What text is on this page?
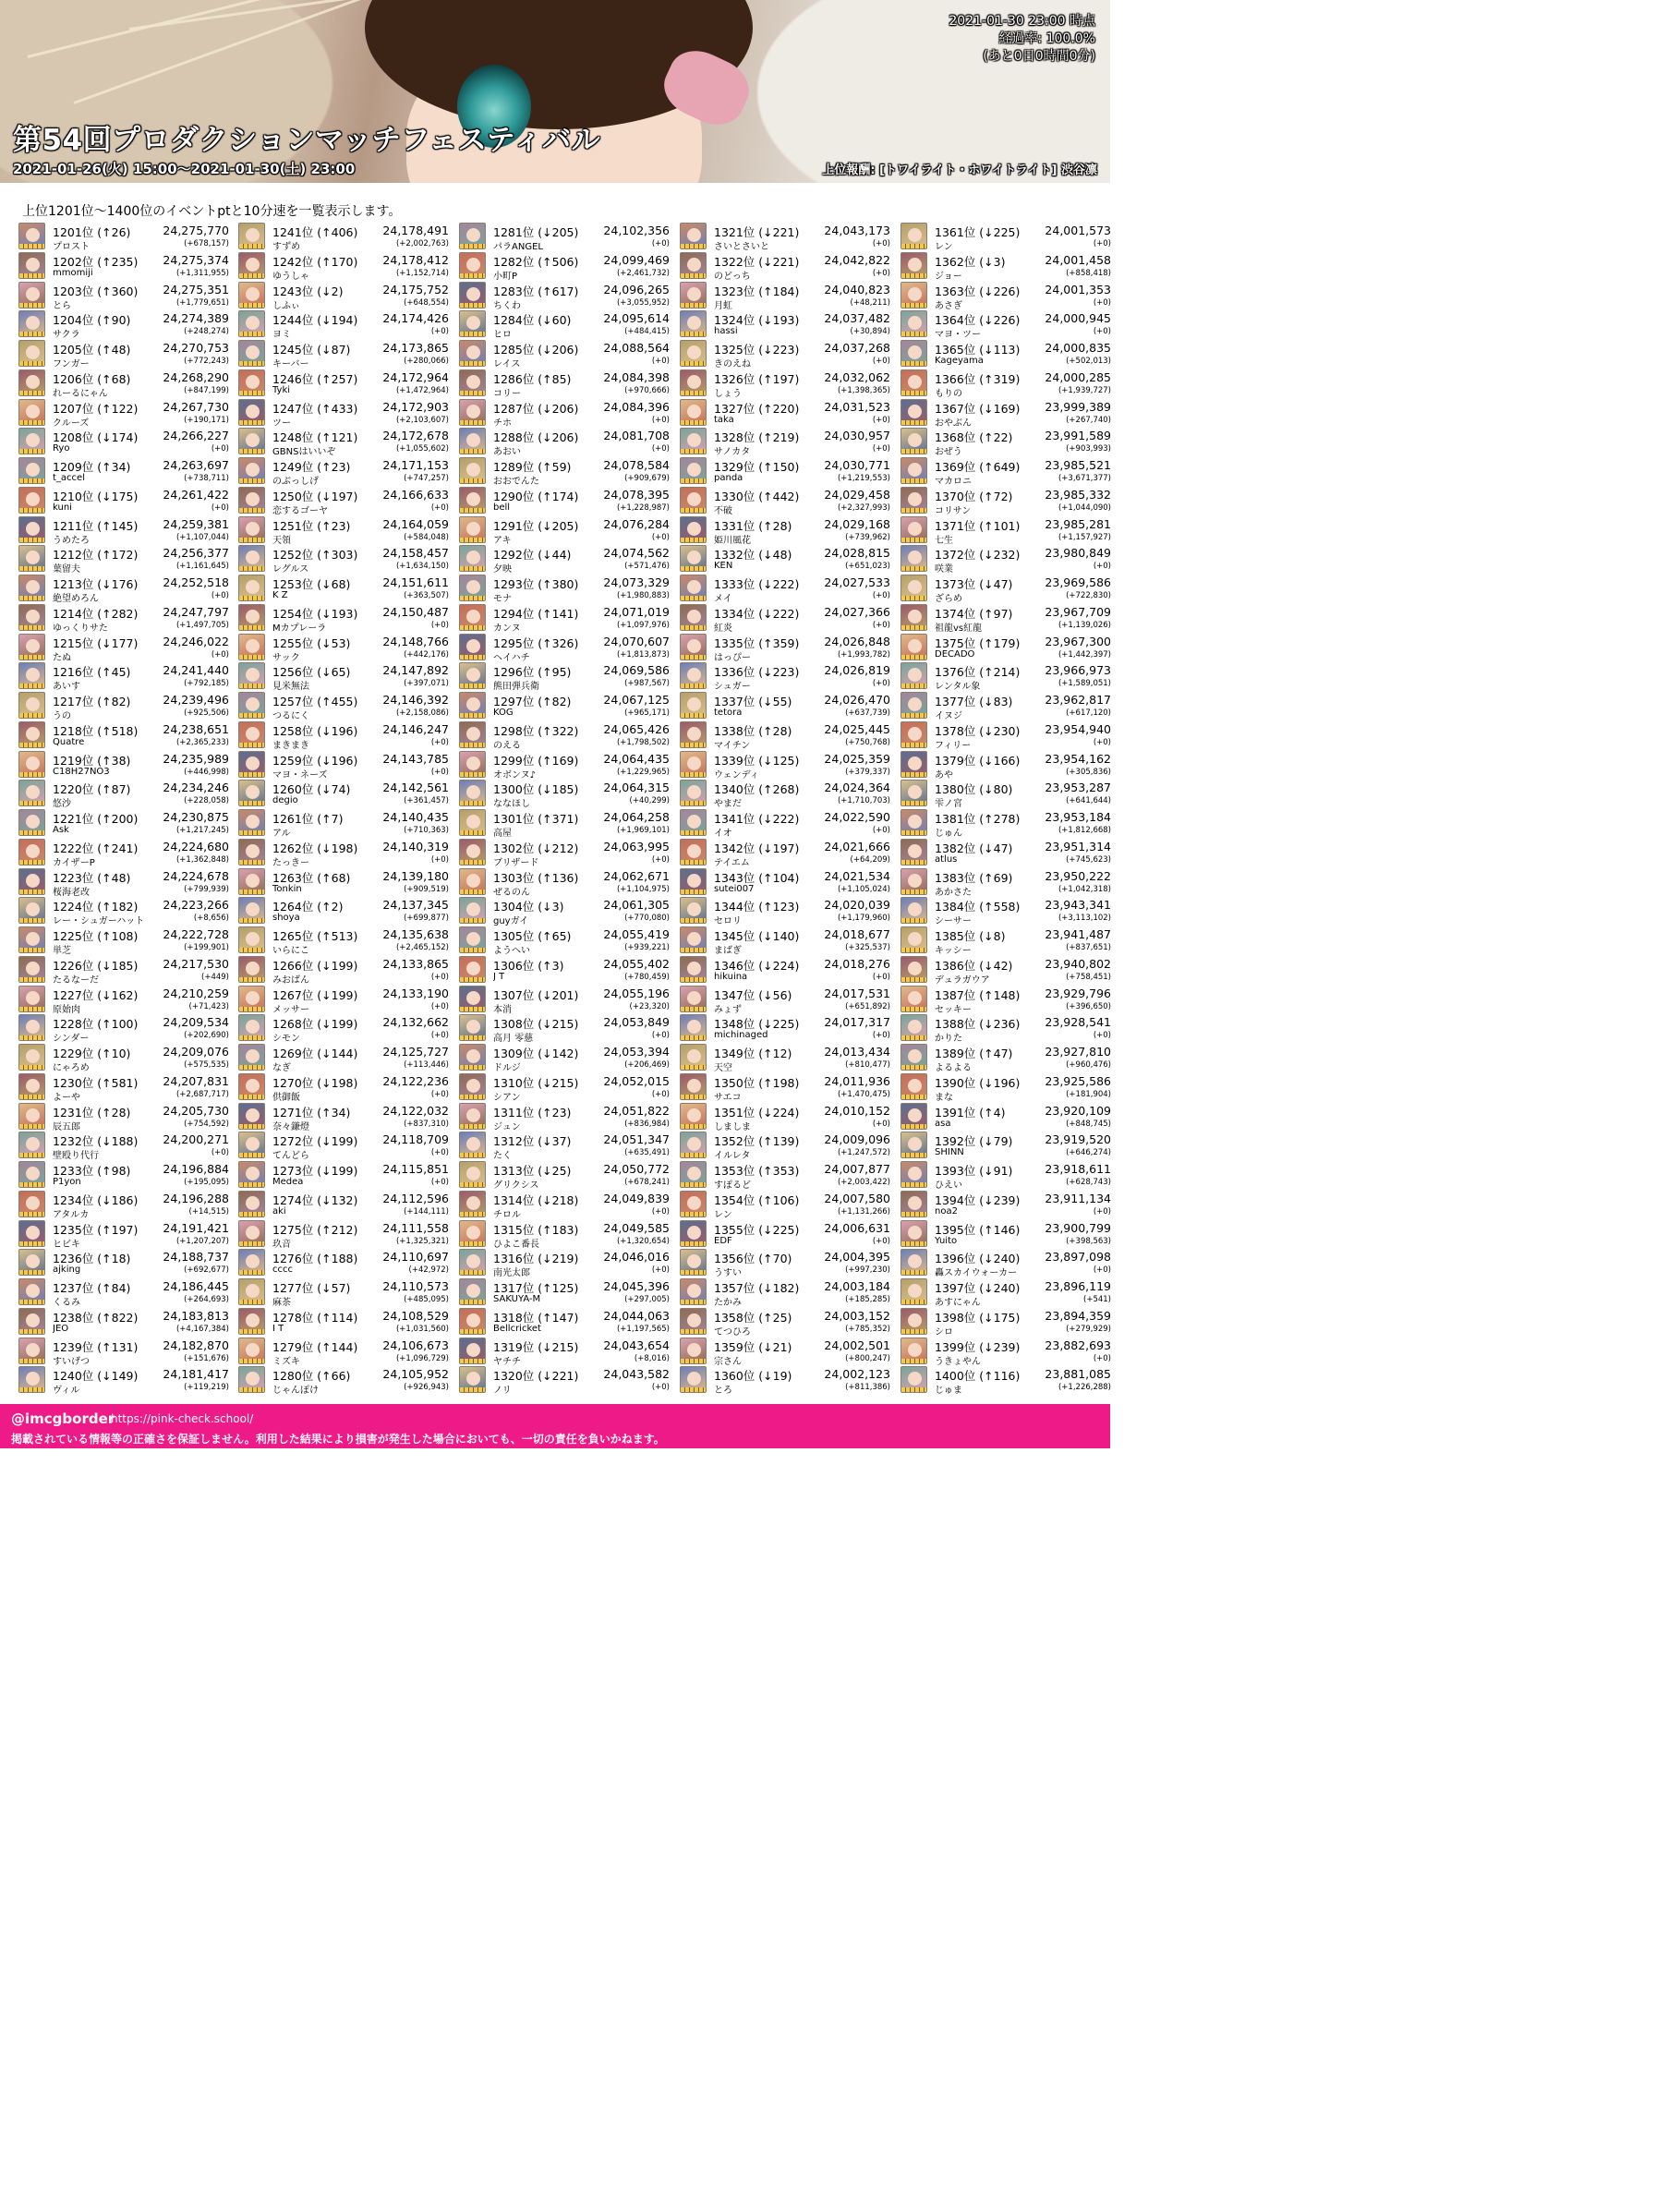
2021-01-30 23:00 時点
経過率: 100.0%
(あと0日0時間0分)
第54回プロダクションマッチフェスティバル
2021-01-26(火) 15:00～2021-01-30(土) 23:00	上位報酬: [トワイライト・ホワイトライト] 渋谷凛
上位1201位～1400位のイベントptと10分速を一覧表示します。
1201位 (↑26)	24,275,770
プロスト	(+678,157)
1202位 (↑235) 24,275,374
mmomiji	(+1,311,955)
1203位 (↑360) 24,275,351
とら	(+1,779,651)
1204位 (↑90)	24,274,389
サクラ	(+248,274)
1205位 (↑48)	24,270,753
フンガー	(+772,243)
1206位 (↑68)	24,268,290
れーるにゃん	(+847,199)
1207位 (↑122) 24,267,730
クルーズ	(+190,171)
1208位 (↓174) 24,266,227
Ryo	(+0)
1209位 (↑34)	24,263,697
t_accel	(+738,711)
1210位 (↓175) 24,261,422
kuni	(+0)
1211位 (↑145) 24,259,381
うめたろ	(+1,107,044)
1212位 (↑172) 24,256,377
葉留夫	(+1,161,645)
1213位 (↓176) 24,252,518
絶望めろん	(+0)
1214位 (↑282) 24,247,797
ゆっくりサた	(+1,497,705)
1215位 (↓177) 24,246,022
たぬ	(+0)
1216位 (↑45)	24,241,440
あいす	(+792,185)
1217位 (↑82)	24,239,496
うの	(+925,506)
1218位 (↑518) 24,238,651
Quatre	(+2,365,233)
1219位 (↑38)	24,235,989
C18H27NO3	(+446,998)
1220位 (↑87)	24,234,246
悠沙	(+228,058)
1221位 (↑200) 24,230,875
Ask	(+1,217,245)
1222位 (↑241) 24,224,680
カイザーP	(+1,362,848)
1223位 (↑48)	24,224,678
桜海老改	(+799,939)
1224位 (↑182) 24,223,266
レー・シュガーハット	(+8,656)
1225位 (↑108) 24,222,728
単芝	(+199,901)
1226位 (↓185) 24,217,530
たるなーだ	(+449)
1227位 (↓162) 24,210,259
原始肉	(+71,423)
1228位 (↑100) 24,209,534
シンダー	(+202,690)
1229位 (↑10)	24,209,076
にゃろめ	(+575,535)
1230位 (↑581) 24,207,831
よーや	(+2,687,717)
1231位 (↑28)	24,205,730
辰五郎	(+754,592)
1232位 (↓188) 24,200,271
壁殴り代行	(+0)
1233位 (↑98)	24,196,884
P1yon	(+195,095)
1234位 (↓186) 24,196,288
アタルカ	(+14,515)
1235位 (↑197) 24,191,421
ヒビキ	(+1,207,207)
1236位 (↑18)	24,188,737
ajking	(+692,677)
1237位 (↑84)	24,186,445
くるみ	(+264,693)
1238位 (↑822) 24,183,813
JEO	(+4,167,384)
1239位 (↑131) 24,182,870
すいげつ	(+151,676)
1240位 (↓149) 24,181,417
ヴィル	(+119,219)
1241位 (↑406) 24,178,491
すずめ	(+2,002,763)
1242位 (↑170) 24,178,412
ゆうしゃ	(+1,152,714)
1243位 (↓2)	24,175,752
しふぃ	(+648,554)
1244位 (↓194) 24,174,426
ヨミ	(+0)
1245位 (↓87)	24,173,865
キーバー	(+280,066)
1246位 (↑257) 24,172,964
Tyki	(+1,472,964)
1247位 (↑433) 24,172,903
ツー	(+2,103,607)
1248位 (↑121) 24,172,678
GBNSはいいぞ	(+1,055,602)
1249位 (↑23)	24,171,153
のぶっしげ	(+747,257)
1250位 (↓197) 24,166,633
恋するゴーヤ	(+0)
1251位 (↑23)	24,164,059
天領	(+584,048)
1252位 (↑303) 24,158,457
レグルス	(+1,634,150)
1253位 (↓68)	24,151,611
K Z	(+363,507)
1254位 (↓193) 24,150,487
Mカプレーラ	(+0)
1255位 (↓53)	24,148,766
サック	(+442,176)
1256位 (↓65)	24,147,892
見米無法	(+397,071)
1257位 (↑455) 24,146,392
つるにく	(+2,158,086)
1258位 (↓196) 24,146,247
まきまき	(+0)
1259位 (↓196) 24,143,785
マヨ・ネーズ	(+0)
1260位 (↓74)	24,142,561
degio	(+361,457)
1261位 (↑7)	24,140,435
アル	(+710,363)
1262位 (↓198) 24,140,319
たっきー	(+0)
1263位 (↑68)	24,139,180
Tonkin	(+909,519)
1264位 (↑2)	24,137,345
shoya	(+699,877)
1265位 (↑513) 24,135,638
いらにこ	(+2,465,152)
1266位 (↓199) 24,133,865
みおばん	(+0)
1267位 (↓199) 24,133,190
メッサー	(+0)
1268位 (↓199) 24,132,662
シモン	(+0)
1269位 (↓144) 24,125,727
なぎ	(+113,446)
1270位 (↓198) 24,122,236
供御飯	(+0)
1271位 (↑34)	24,122,032
奈々鎌燈	(+837,310)
1272位 (↓199) 24,118,709
てんどら	(+0)
1273位 (↓199) 24,115,851
Medea	(+0)
1274位 (↓132) 24,112,596
aki	(+144,111)
1275位 (↑212) 24,111,558
玖音	(+1,325,321)
1276位 (↑188) 24,110,697
cccc	(+42,972)
1277位 (↓57)	24,110,573
麻茶	(+485,095)
1278位 (↑114) 24,108,529
I T	(+1,031,560)
1279位 (↑144) 24,106,673
ミズキ	(+1,096,729)
1280位 (↑66)	24,105,952
じゃんぽけ	(+926,943)
1281位 (↓205) 24,102,356
パラANGEL	(+0)
1282位 (↑506) 24,099,469
小町P	(+2,461,732)
1283位 (↑617) 24,096,265
ちくわ	(+3,055,952)
1284位 (↓60)	24,095,614
ヒロ	(+484,415)
1285位 (↓206) 24,088,564
レイス	(+0)
1286位 (↑85)	24,084,398
コリー	(+970,666)
1287位 (↓206) 24,084,396
チホ	(+0)
1288位 (↓206) 24,081,708
あおい	(+0)
1289位 (↑59)	24,078,584
おおでんた	(+909,679)
1290位 (↑174) 24,078,395
bell	(+1,228,987)
1291位 (↓205) 24,076,284
アキ	(+0)
1292位 (↓44)	24,074,562
夕映	(+571,476)
1293位 (↑380) 24,073,329
モナ	(+1,980,883)
1294位 (↑141) 24,071,019
カンヌ	(+1,097,976)
1295位 (↑326) 24,070,607
ヘイハチ	(+1,813,873)
1296位 (↑95)	24,069,586
熊田弾兵衛	(+987,567)
1297位 (↑82)	24,067,125
KOG	(+965,171)
1298位 (↑322) 24,065,426
のえる	(+1,798,502)
1299位 (↑169) 24,064,435
オボンヌ♪	(+1,229,965)
1300位 (↓185) 24,064,315
ななほし	(+40,299)
1301位 (↑371) 24,064,258
高屋	(+1,969,101)
1302位 (↓212) 24,063,995
ブリザード	(+0)
1303位 (↑136) 24,062,671
ぜるのん	(+1,104,975)
1304位 (↓3)	24,061,305
guyガイ	(+770,080)
1305位 (↑65)	24,055,419
ようへい	(+939,221)
1306位 (↑3)	24,055,402
J T	(+780,459)
1307位 (↓201) 24,055,196
本消	(+23,320)
1308位 (↓215) 24,053,849
高月 零慈	(+0)
1309位 (↓142) 24,053,394
ドルジ	(+206,469)
1310位 (↓215) 24,052,015
シアン	(+0)
1311位 (↑23)	24,051,822
ジュン	(+836,984)
1312位 (↓37)	24,051,347
たく	(+635,491)
1313位 (↓25)	24,050,772
グリクシス	(+678,241)
1314位 (↓218) 24,049,839
チロル	(+0)
1315位 (↑183) 24,049,585
ひよこ番長	(+1,320,654)
1316位 (↓219) 24,046,016
南光太郎	(+0)
1317位 (↑125) 24,045,396
SAKUYA-M	(+297,005)
1318位 (↑147) 24,044,063
Bellcricket	(+1,197,565)
1319位 (↓215) 24,043,654
ヤチチ	(+8,016)
1320位 (↓221) 24,043,582
ノリ	(+0)
1321位 (↓221) 24,043,173
さいとさいと	(+0)
1322位 (↓221) 24,042,822
のどっち	(+0)
1323位 (↑184) 24,040,823
月虹	(+48,211)
1324位 (↓193) 24,037,482
hassi	(+30,894)
1325位 (↓223) 24,037,268
きのえね	(+0)
1326位 (↑197) 24,032,062
しょう	(+1,398,365)
1327位 (↑220) 24,031,523
taka	(+0)
1328位 (↑219) 24,030,957
サノカタ	(+0)
1329位 (↑150) 24,030,771
panda	(+1,219,553)
1330位 (↑442) 24,029,458
不破	(+2,327,993)
1331位 (↑28)	24,029,168
姫川風花	(+739,962)
1332位 (↓48)	24,028,815
KEN	(+651,023)
1333位 (↓222) 24,027,533
メイ	(+0)
1334位 (↓222) 24,027,366
紅炎	(+0)
1335位 (↑359) 24,026,848
はっぴー	(+1,993,782)
1336位 (↓223) 24,026,819
シュガー	(+0)
1337位 (↓55)	24,026,470
tetora	(+637,739)
1338位 (↑28)	24,025,445
マイチン	(+750,768)
1339位 (↓125) 24,025,359
ウェンディ	(+379,337)
1340位 (↑268) 24,024,364
やまだ	(+1,710,703)
1341位 (↓222) 24,022,590
イオ	(+0)
1342位 (↓197) 24,021,666
テイエム	(+64,209)
1343位 (↑104) 24,021,534
sutei007	(+1,105,024)
1344位 (↑123) 24,020,039
セロリ	(+1,179,960)
1345位 (↓140) 24,018,677
まばぎ	(+325,537)
1346位 (↓224) 24,018,276
hikuina	(+0)
1347位 (↓56)	24,017,531
みょず	(+651,892)
1348位 (↓225) 24,017,317
michinaged	(+0)
1349位 (↑12)	24,013,434
天空	(+810,477)
1350位 (↑198) 24,011,936
サエコ	(+1,470,475)
1351位 (↓224) 24,010,152
しましま	(+0)
1352位 (↑139) 24,009,096
イルレタ	(+1,247,572)
1353位 (↑353) 24,007,877
すぽるど	(+2,003,422)
1354位 (↑106) 24,007,580
レン	(+1,131,266)
1355位 (↓225) 24,006,631
EDF	(+0)
1356位 (↑70)	24,004,395
うすい	(+997,230)
1357位 (↓182) 24,003,184
たかみ	(+185,285)
1358位 (↑25)	24,003,152
てつひろ	(+785,352)
1359位 (↓21)	24,002,501
宗さん	(+800,247)
1360位 (↓19)	24,002,123
とろ	(+811,386)
1361位 (↓225) 24,001,573
レン	(+0)
1362位 (↓3)	24,001,458
ジョー	(+858,418)
1363位 (↓226) 24,001,353
あさぎ	(+0)
1364位 (↓226) 24,000,945
マヨ・ツー	(+0)
1365位 (↓113) 24,000,835
Kageyama	(+502,013)
1366位 (↑319) 24,000,285
もりの	(+1,939,727)
1367位 (↓169) 23,999,389
おやぶん	(+267,740)
1368位 (↑22)	23,991,589
おぜう	(+903,993)
1369位 (↑649) 23,985,521
マカロニ	(+3,671,377)
1370位 (↑72)	23,985,332
コリサン	(+1,044,090)
1371位 (↑101) 23,985,281
七生	(+1,157,927)
1372位 (↓232) 23,980,849
咲業	(+0)
1373位 (↓47)	23,969,586
ざらめ	(+722,830)
1374位 (↑97)	23,967,709
祖龍vs紅龍	(+1,139,026)
1375位 (↑179) 23,967,300
DECADO	(+1,442,397)
1376位 (↑214) 23,966,973
レンタル象	(+1,589,051)
1377位 (↓83)	23,962,817
イヌジ	(+617,120)
1378位 (↓230) 23,954,940
フィリー	(+0)
1379位 (↓166) 23,954,162
あや	(+305,836)
1380位 (↓80)	23,953,287
雫ノ宮	(+641,644)
1381位 (↑278) 23,953,184
じゅん	(+1,812,668)
1382位 (↓47)	23,951,314
atlus	(+745,623)
1383位 (↑69)	23,950,222
あかさた	(+1,042,318)
1384位 (↑558) 23,943,341
シーサー	(+3,113,102)
1385位 (↓8)	23,941,487
キッシー	(+837,651)
1386位 (↓42)	23,940,802
デュラガウア	(+758,451)
1387位 (↑148) 23,929,796
セッキー	(+396,650)
1388位 (↓236) 23,928,541
かりた	(+0)
1389位 (↑47)	23,927,810
よるよる	(+960,476)
1390位 (↓196) 23,925,586
まな	(+181,904)
1391位 (↑4)	23,920,109
asa	(+848,745)
1392位 (↓79)	23,919,520
SHINN	(+646,274)
1393位 (↓91)	23,918,611
ひえい	(+628,743)
1394位 (↓239) 23,911,134
noa2	(+0)
1395位 (↑146) 23,900,799
Yuito	(+398,563)
1396位 (↓240) 23,897,098
轟スカイウォーカー	(+0)
1397位 (↓240) 23,896,119
あすにゃん	(+541)
1398位 (↓175) 23,894,359
シロ	(+279,929)
1399位 (↓239) 23,882,693
うきょやん	(+0)
1400位 (↑116) 23,881,085
じゅま	(+1,226,288)
@imcgborder
https://pink-check.school/
掲載されている情報等の正確さを保証しません。利用した結果により損害が発生した場合においても、一切の責任を負いかねます。
